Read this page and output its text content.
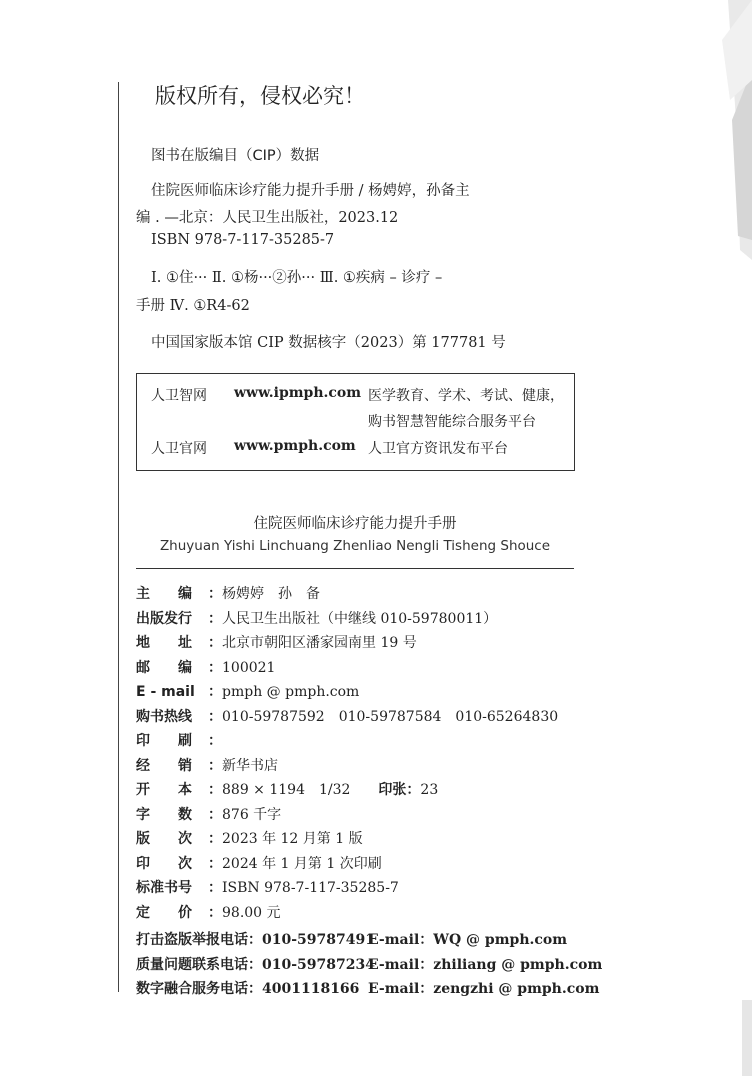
版权所有，侵权必究！
图书在版编目（CIP）数据
住院医师临床诊疗能力提升手册 / 杨娉婷，孙备主
编 . —北京：人民卫生出版社，2023.12
ISBN 978-7-117-35285-7
Ⅰ. ①住··· Ⅱ. ①杨···②孙··· Ⅲ. ①疾病 – 诊疗 –
手册 Ⅳ. ①R4-62
中国国家版本馆 CIP 数据核字（2023）第 177781 号
人卫智网 www.ipmph.com 医学教育、学术、考试、健康，
购书智慧智能综合服务平台
人卫官网 www.pmph.com 人卫官方资讯发布平台
住院医师临床诊疗能力提升手册
Zhuyuan Yishi Linchuang Zhenliao Nengli Tisheng Shouce
主　　编 ：杨娉婷　孙　备
出版发行 ：人民卫生出版社（中继线 010-59780011）
地　　址 ：北京市朝阳区潘家园南里 19 号
邮　　编 ：100021
E - mail ：pmph @ pmph.com
购书热线 ：010-59787592　010-59787584　010-65264830
印　　刷 ：
经　　销 ：新华书店
开　　本 ：889 × 1194　1/32　　印张：23
字　　数 ：876 千字
版　　次 ：2023 年 12 月第 1 版
印　　次 ：2024 年 1 月第 1 次印刷
标准书号 ：ISBN 978-7-117-35285-7
定　　价 ：98.00 元
打击盗版举报电话：010-59787491E-mail：WQ @ pmph.com
质量问题联系电话：010-59787234E-mail：zhiliang @ pmph.com
数字融合服务电话：4001118166 E-mail：zengzhi @ pmph.com
